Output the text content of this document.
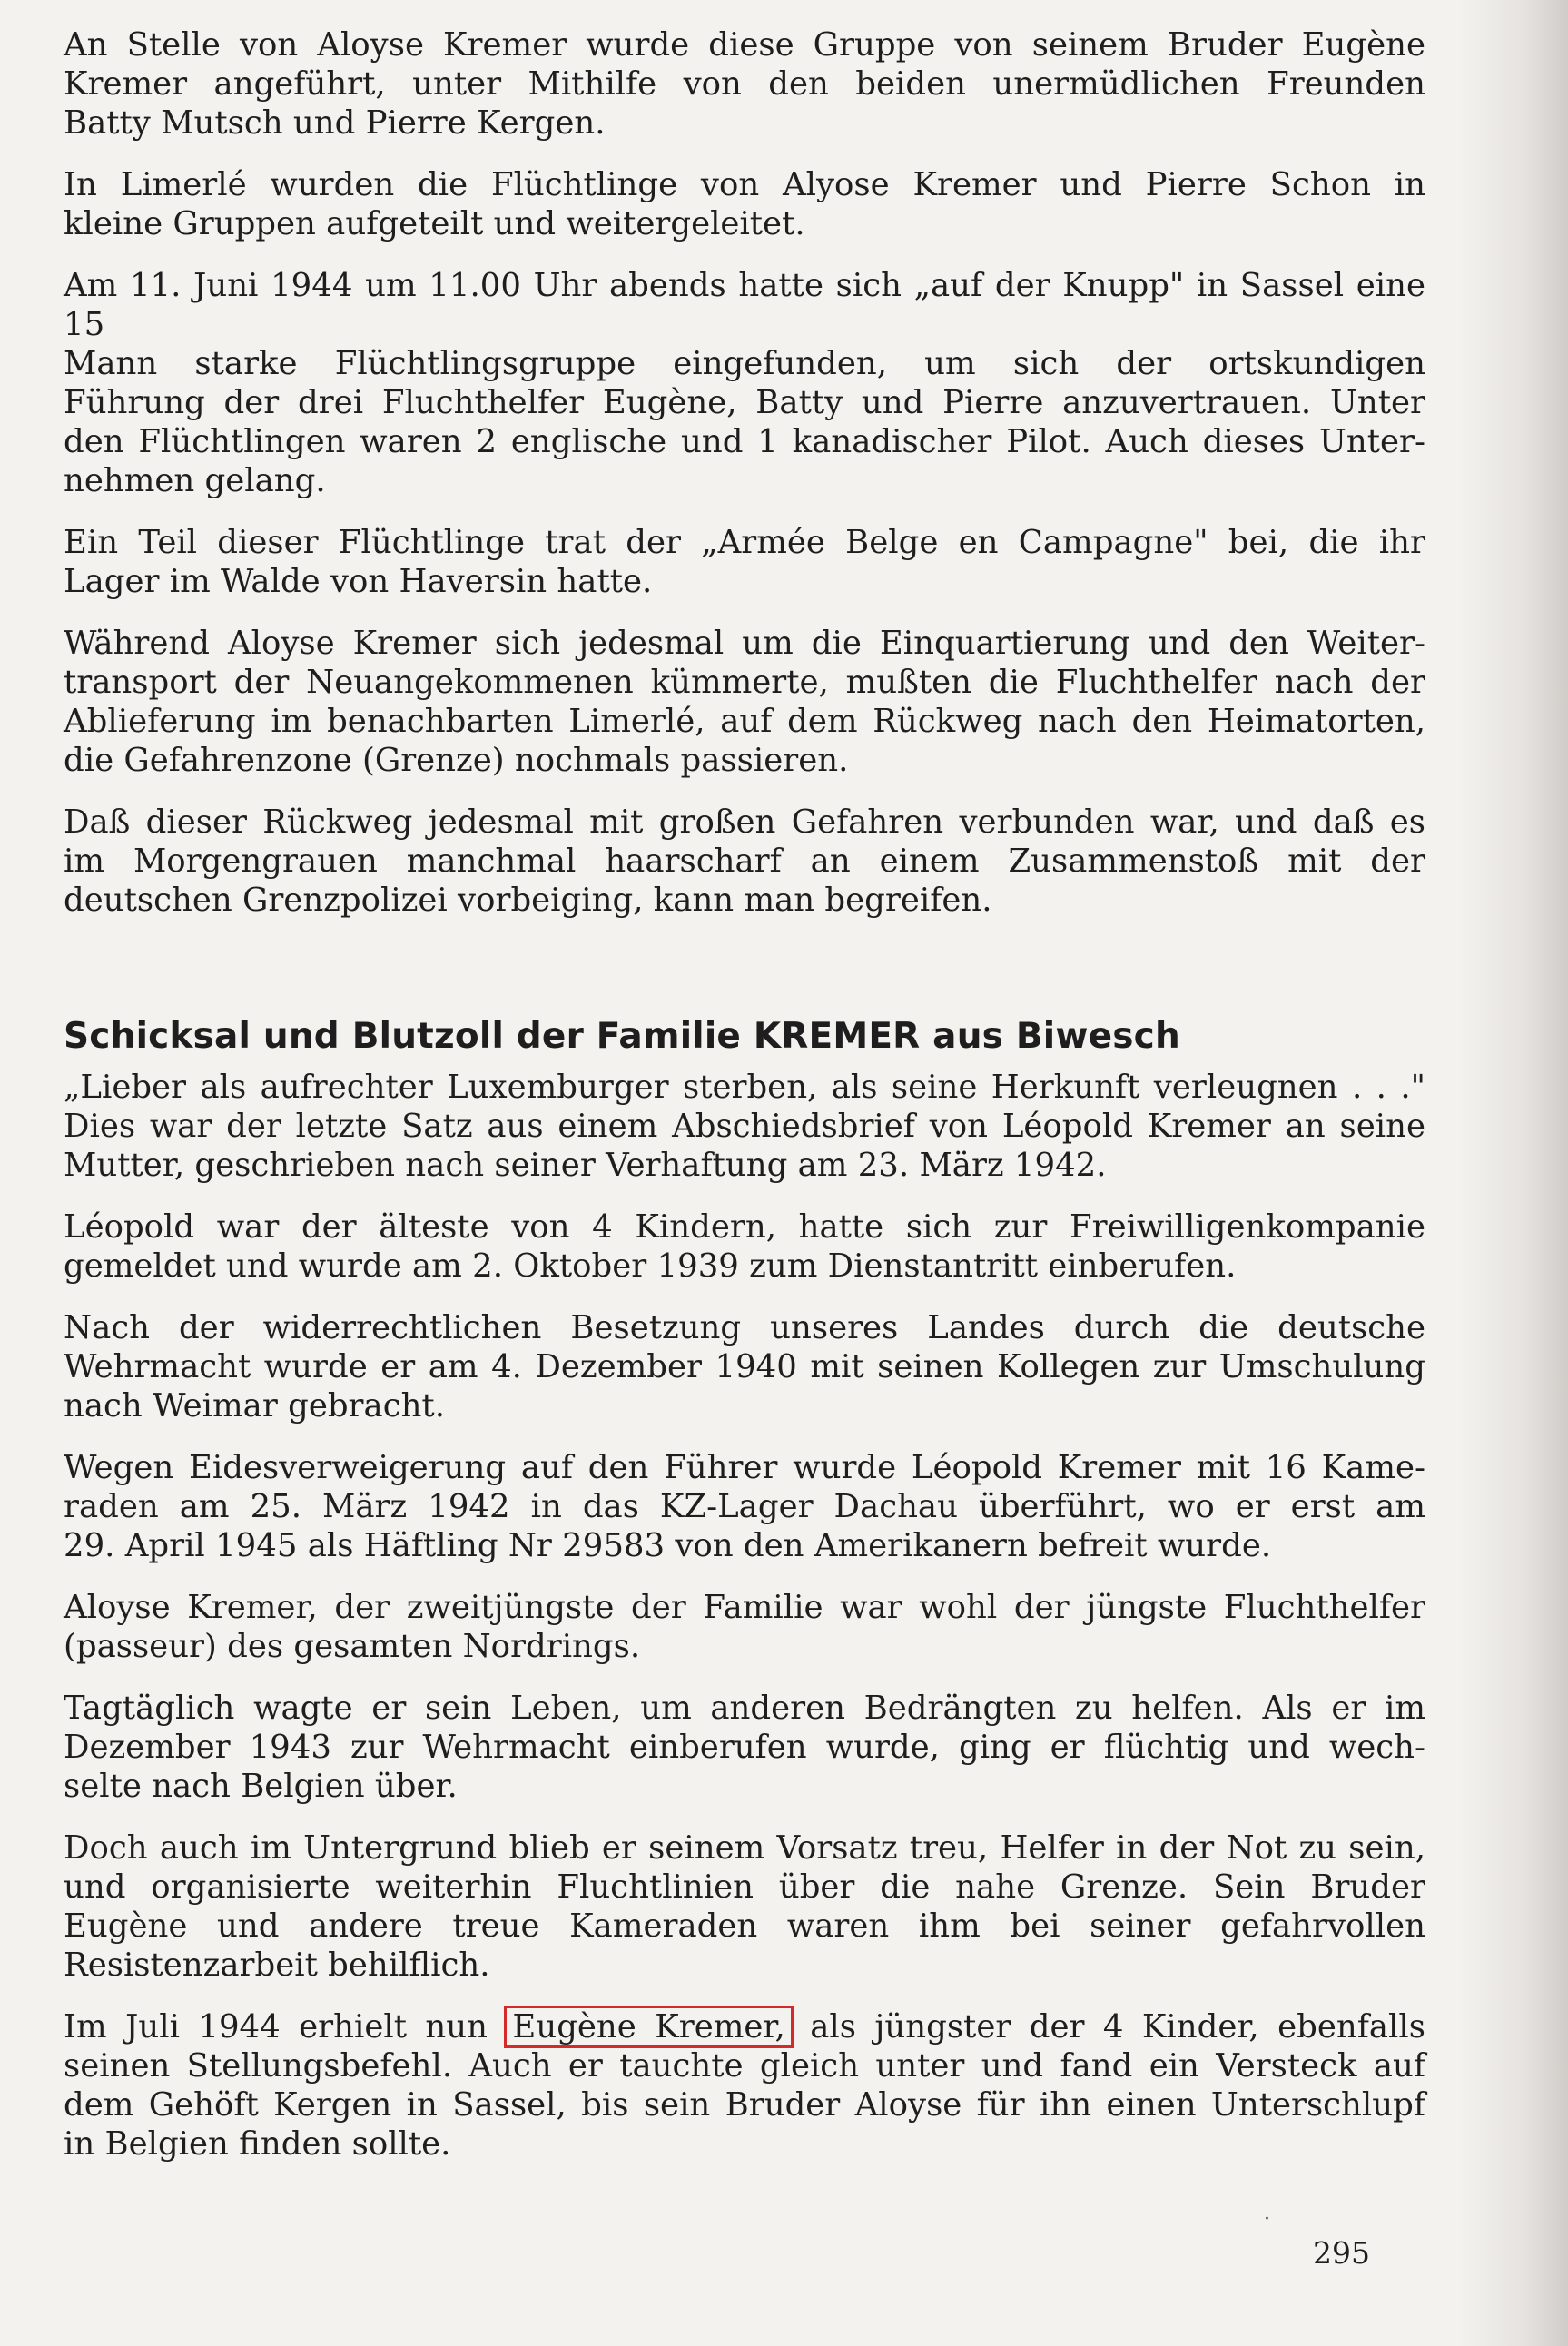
An Stelle von Aloyse Kremer wurde diese Gruppe von seinem Bruder Eugène
Kremer angeführt, unter Mithilfe von den beiden unermüdlichen Freunden
Batty Mutsch und Pierre Kergen.
In Limerlé wurden die Flüchtlinge von Alyose Kremer und Pierre Schon in
kleine Gruppen aufgeteilt und weitergeleitet.
Am 11. Juni 1944 um 11.00 Uhr abends hatte sich „auf der Knupp" in Sassel eine 15
Mann starke Flüchtlingsgruppe eingefunden, um sich der ortskundigen
Führung der drei Fluchthelfer Eugène, Batty und Pierre anzuvertrauen. Unter
den Flüchtlingen waren 2 englische und 1 kanadischer Pilot. Auch dieses Unter-
nehmen gelang.
Ein Teil dieser Flüchtlinge trat der „Armée Belge en Campagne" bei, die ihr
Lager im Walde von Haversin hatte.
Während Aloyse Kremer sich jedesmal um die Einquartierung und den Weiter-
transport der Neuangekommenen kümmerte, mußten die Fluchthelfer nach der
Ablieferung im benachbarten Limerlé, auf dem Rückweg nach den Heimatorten,
die Gefahrenzone (Grenze) nochmals passieren.
Daß dieser Rückweg jedesmal mit großen Gefahren verbunden war, und daß es
im Morgengrauen manchmal haarscharf an einem Zusammenstoß mit der
deutschen Grenzpolizei vorbeiging, kann man begreifen.
Schicksal und Blutzoll der Familie KREMER aus Biwesch
„Lieber als aufrechter Luxemburger sterben, als seine Herkunft verleugnen . . ."
Dies war der letzte Satz aus einem Abschiedsbrief von Léopold Kremer an seine
Mutter, geschrieben nach seiner Verhaftung am 23. März 1942.
Léopold war der älteste von 4 Kindern, hatte sich zur Freiwilligenkompanie
gemeldet und wurde am 2. Oktober 1939 zum Dienstantritt einberufen.
Nach der widerrechtlichen Besetzung unseres Landes durch die deutsche
Wehrmacht wurde er am 4. Dezember 1940 mit seinen Kollegen zur Umschulung
nach Weimar gebracht.
Wegen Eidesverweigerung auf den Führer wurde Léopold Kremer mit 16 Kame-
raden am 25. März 1942 in das KZ-Lager Dachau überführt, wo er erst am
29. April 1945 als Häftling Nr 29583 von den Amerikanern befreit wurde.
Aloyse Kremer, der zweitjüngste der Familie war wohl der jüngste Fluchthelfer
(passeur) des gesamten Nordrings.
Tagtäglich wagte er sein Leben, um anderen Bedrängten zu helfen. Als er im
Dezember 1943 zur Wehrmacht einberufen wurde, ging er flüchtig und wech-
selte nach Belgien über.
Doch auch im Untergrund blieb er seinem Vorsatz treu, Helfer in der Not zu sein,
und organisierte weiterhin Fluchtlinien über die nahe Grenze. Sein Bruder
Eugène und andere treue Kameraden waren ihm bei seiner gefahrvollen
Resistenzarbeit behilflich.
Im Juli 1944 erhielt nun Eugène Kremer, als jüngster der 4 Kinder, ebenfalls
seinen Stellungsbefehl. Auch er tauchte gleich unter und fand ein Versteck auf
dem Gehöft Kergen in Sassel, bis sein Bruder Aloyse für ihn einen Unterschlupf
in Belgien finden sollte.
295
·
